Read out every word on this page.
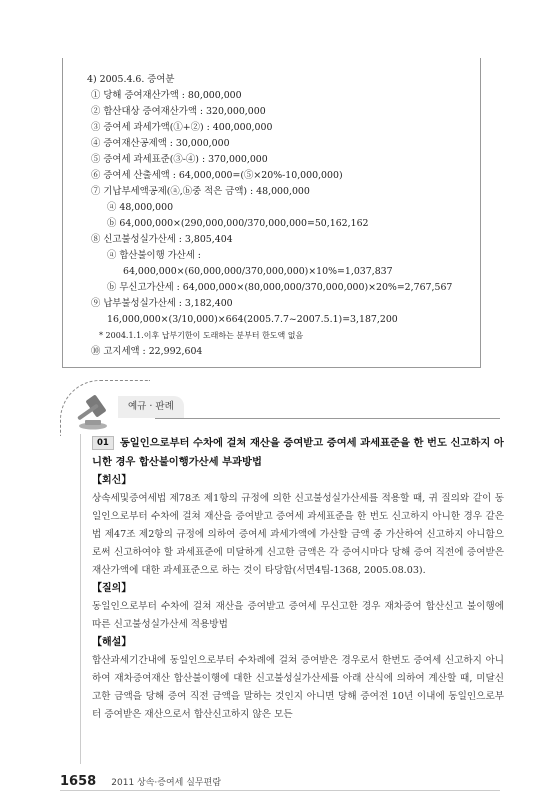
4) 2005.4.6. 증여분
① 당해 증여재산가액 : 80,000,000
② 합산대상 증여재산가액 : 320,000,000
③ 증여세 과세가액(①+②) : 400,000,000
④ 증여재산공제액 : 30,000,000
⑤ 증여세 과세표준(③-④) : 370,000,000
⑥ 증여세 산출세액 : 64,000,000=(⑤×20%-10,000,000)
⑦ 기납부세액공제(ⓐ,ⓑ중 적은 금액) : 48,000,000
ⓐ 48,000,000
ⓑ 64,000,000×(290,000,000/370,000,000=50,162,162
⑧ 신고불성실가산세 : 3,805,404
ⓐ 합산불이행 가산세 :
64,000,000×(60,000,000/370,000,000)×10%=1,037,837
ⓑ 무신고가산세 : 64,000,000×(80,000,000/370,000,000)×20%=2,767,567
⑨ 납부불성실가산세 : 3,182,400
16,000,000×(3/10,000)×664(2005.7.7~2007.5.1)=3,187,200
* 2004.1.1.이후 납부기한이 도래하는 분부터 한도액 없음
⑩ 고지세액 : 22,992,604
예규 · 판례
01 동일인으로부터 수차에 걸쳐 재산을 증여받고 증여세 과세표준을 한 번도 신고하지 아니한 경우 합산불이행가산세 부과방법
【회신】
상속세및증여세법 제78조 제1항의 규정에 의한 신고불성실가산세를 적용할 때, 귀 질의와 같이 동일인으로부터 수차에 걸쳐 재산을 증여받고 증여세 과세표준을 한 번도 신고하지 아니한 경우 같은법 제47조 제2항의 규정에 의하여 증여세 과세가액에 가산할 금액 중 가산하여 신고하지 아니함으로써 신고하여야 할 과세표준에 미달하게 신고한 금액은 각 증여시마다 당해 증여 직전에 증여받은 재산가액에 대한 과세표준으로 하는 것이 타당함(서면4팀-1368, 2005.08.03).
【질의】
동일인으로부터 수차에 걸쳐 재산을 증여받고 증여세 무신고한 경우 재차증여 합산신고 불이행에 따른 신고불성실가산세 적용방법
【해설】
합산과세기간내에 동일인으로부터 수차례에 걸쳐 증여받은 경우로서 한번도 증여세 신고하지 아니하여 재차증여재산 합산불이행에 대한 신고불성실가산세를 아래 산식에 의하여 계산할 때, 미달신고한 금액을 당해 증여 직전 금액을 말하는 것인지 아니면 당해 증여전 10년 이내에 동일인으로부터 증여받은 재산으로서 합산신고하지 않은 모든
1658 2011 상속·증여세 실무편람
